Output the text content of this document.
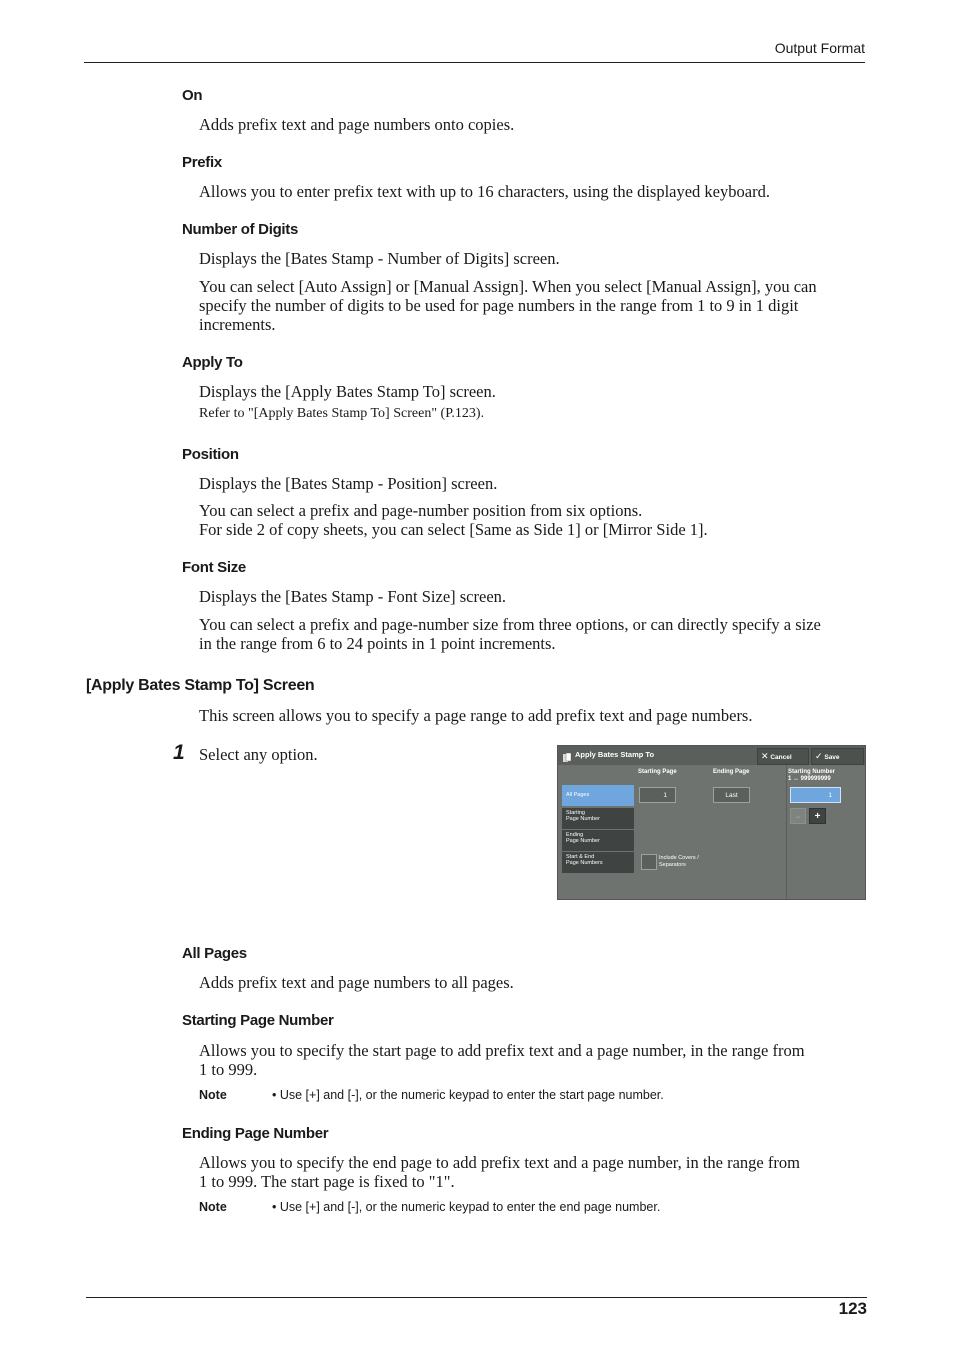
Output Format
On
Adds prefix text and page numbers onto copies.
Prefix
Allows you to enter prefix text with up to 16 characters, using the displayed keyboard.
Number of Digits
Displays the [Bates Stamp - Number of Digits] screen.
You can select [Auto Assign] or [Manual Assign]. When you select [Manual Assign], you can
specify the number of digits to be used for page numbers in the range from 1 to 9 in 1 digit
increments.
Apply To
Displays the [Apply Bates Stamp To] screen.
Refer to "[Apply Bates Stamp To] Screen" (P.123).
Position
Displays the [Bates Stamp - Position] screen.
You can select a prefix and page-number position from six options.
For side 2 of copy sheets, you can select [Same as Side 1] or [Mirror Side 1].
Font Size
Displays the [Bates Stamp - Font Size] screen.
You can select a prefix and page-number size from three options, or can directly specify a size
in the range from 6 to 24 points in 1 point increments.
[Apply Bates Stamp To] Screen
This screen allows you to specify a page range to add prefix text and page numbers.
1 Select any option.	Apply Bates Stamp To	✕ Cancel	✓ Save
Starting Page	Ending Page	Starting Number
1 ↔ 999999999
All Pages
Starting
Page Number
Ending
Page Number
Start & End
Page Numbers
1	Last	1
−	+
Include Covers /
Separators
All Pages
Adds prefix text and page numbers to all pages.
Starting Page Number
Allows you to specify the start page to add prefix text and a page number, in the range from
1 to 999.
Note	• Use [+] and [-], or the numeric keypad to enter the start page number.
Ending Page Number
Allows you to specify the end page to add prefix text and a page number, in the range from
1 to 999. The start page is fixed to "1".
Note	• Use [+] and [-], or the numeric keypad to enter the end page number.
123
